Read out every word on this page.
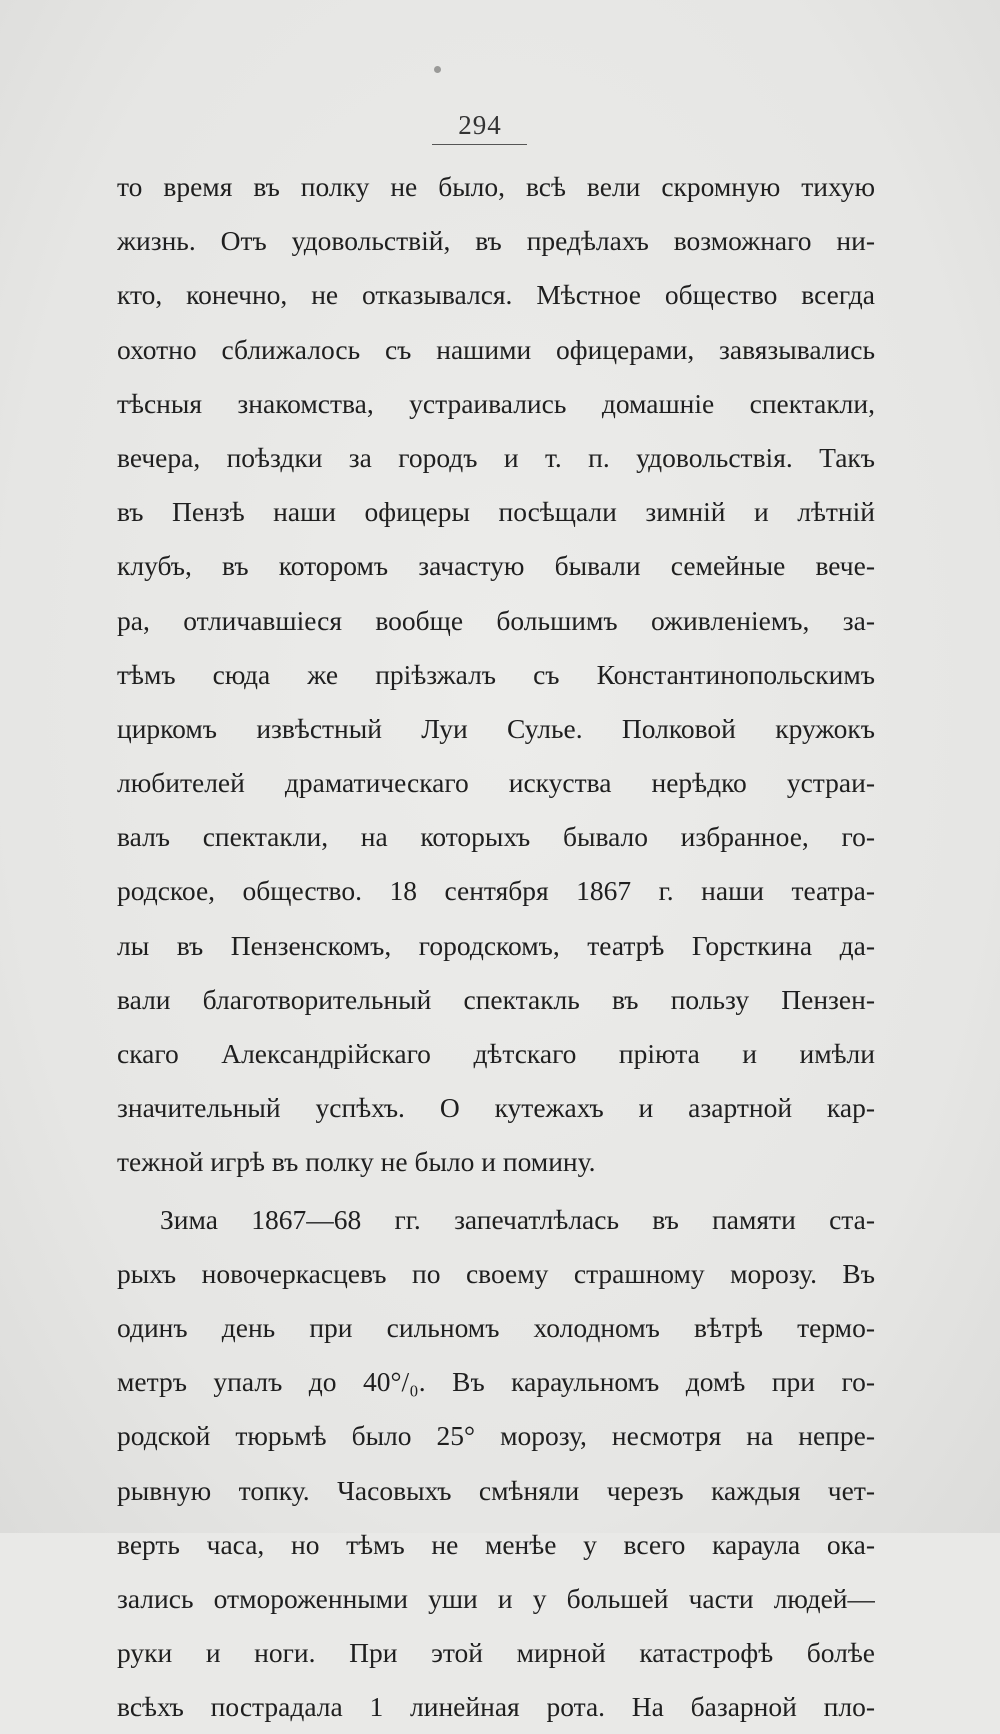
294
то время въ полку не было, всѣ вели скромную тихую
жизнь. Отъ удовольствій, въ предѣлахъ возможнаго ни-
кто, конечно, не отказывался. Мѣстное общество всегда
охотно сближалось съ нашими офицерами, завязывались
тѣсныя знакомства, устраивались домашніе спектакли,
вечера, поѣздки за городъ и т. п. удовольствія. Такъ
въ Пензѣ наши офицеры посѣщали зимній и лѣтній
клубъ, въ которомъ зачастую бывали семейные вече-
ра, отличавшіеся вообще большимъ оживленіемъ, за-
тѣмъ сюда же пріѣзжалъ съ Константинопольскимъ
циркомъ извѣстный Луи Сулье. Полковой кружокъ
любителей драматическаго искуства нерѣдко устраи-
валъ спектакли, на которыхъ бывало избранное, го-
родское, общество. 18 сентября 1867 г. наши театра-
лы въ Пензенскомъ, городскомъ, театрѣ Горсткина да-
вали благотворительный спектакль въ пользу Пензен-
скаго Александрійскаго дѣтскаго пріюта и имѣли
значительный успѣхъ. О кутежахъ и азартной кар-
тежной игрѣ въ полку не было и помину.
Зима 1867—68 гг. запечатлѣлась въ памяти ста-
рыхъ новочеркасцевъ по своему страшному морозу. Въ
одинъ день при сильномъ холодномъ вѣтрѣ термо-
метръ упалъ до 40°/₀. Въ караульномъ домѣ при го-
родской тюрьмѣ было 25° морозу, несмотря на непре-
рывную топку. Часовыхъ смѣняли черезъ каждыя чет-
верть часа, но тѣмъ не менѣе у всего караула ока-
зались отмороженными уши и у большей части людей—
руки и ноги. При этой мирной катастрофѣ болѣе
всѣхъ пострадала 1 линейная рота. На базарной пло-
